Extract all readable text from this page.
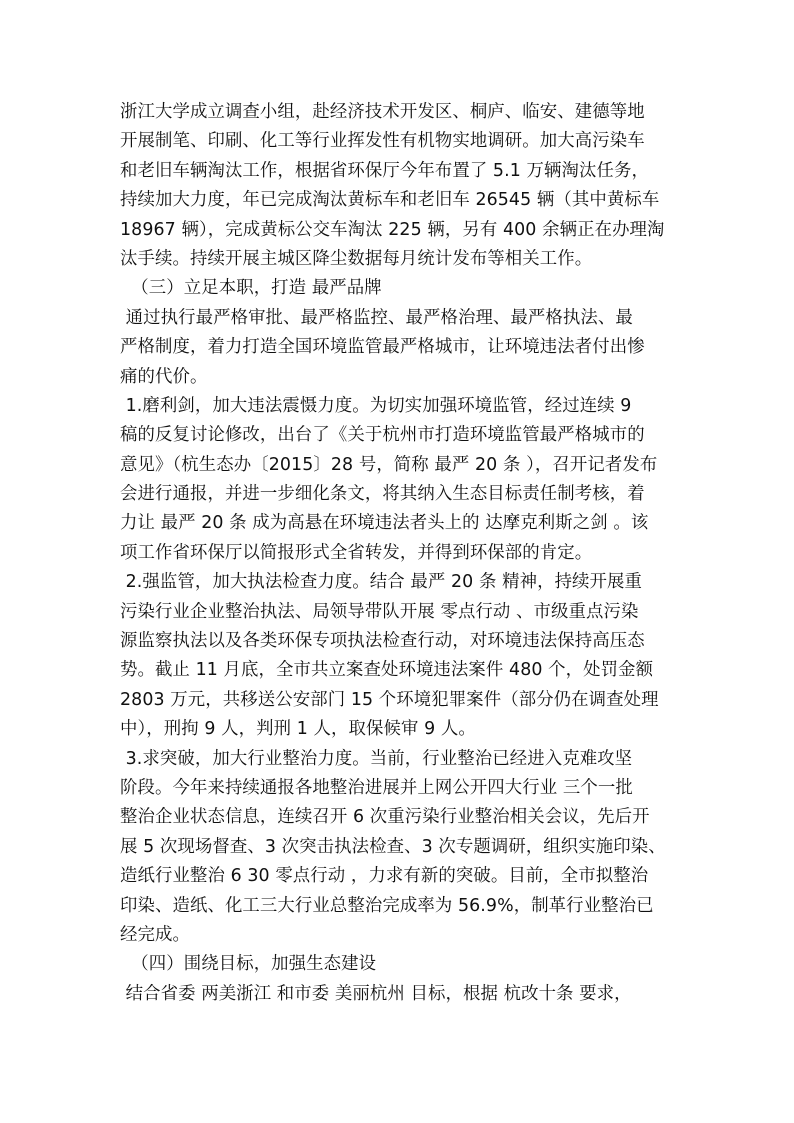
浙江大学成立调查小组，赴经济技术开发区、桐庐、临安、建德等地
开展制笔、印刷、化工等行业挥发性有机物实地调研。加大高污染车
和老旧车辆淘汰工作，根据省环保厅今年布置了 5.1 万辆淘汰任务，
持续加大力度，年已完成淘汰黄标车和老旧车 26545 辆（其中黄标车
18967 辆），完成黄标公交车淘汰 225 辆，另有 400 余辆正在办理淘
汰手续。持续开展主城区降尘数据每月统计发布等相关工作。
（三）立足本职，打造 最严品牌
通过执行最严格审批、最严格监控、最严格治理、最严格执法、最
严格制度，着力打造全国环境监管最严格城市，让环境违法者付出惨
痛的代价。
1.磨利剑，加大违法震慑力度。为切实加强环境监管，经过连续 9
稿的反复讨论修改，出台了《关于杭州市打造环境监管最严格城市的
意见》（杭生态办〔2015〕28 号，简称 最严 20 条 ），召开记者发布
会进行通报，并进一步细化条文，将其纳入生态目标责任制考核，着
力让 最严 20 条 成为高悬在环境违法者头上的 达摩克利斯之剑 。该
项工作省环保厅以简报形式全省转发，并得到环保部的肯定。
2.强监管，加大执法检查力度。结合 最严 20 条 精神，持续开展重
污染行业企业整治执法、局领导带队开展 零点行动 、市级重点污染
源监察执法以及各类环保专项执法检查行动，对环境违法保持高压态
势。截止 11 月底，全市共立案查处环境违法案件 480 个，处罚金额
2803 万元，共移送公安部门 15 个环境犯罪案件（部分仍在调查处理
中），刑拘 9 人，判刑 1 人，取保候审 9 人。
3.求突破，加大行业整治力度。当前，行业整治已经进入克难攻坚
阶段。今年来持续通报各地整治进展并上网公开四大行业 三个一批
整治企业状态信息，连续召开 6 次重污染行业整治相关会议，先后开
展 5 次现场督查、3 次突击执法检查、3 次专题调研，组织实施印染、
造纸行业整治 6 30 零点行动 ，力求有新的突破。目前，全市拟整治
印染、造纸、化工三大行业总整治完成率为 56.9%，制革行业整治已
经完成。
（四）围绕目标，加强生态建设
结合省委 两美浙江 和市委 美丽杭州 目标，根据 杭改十条 要求，
